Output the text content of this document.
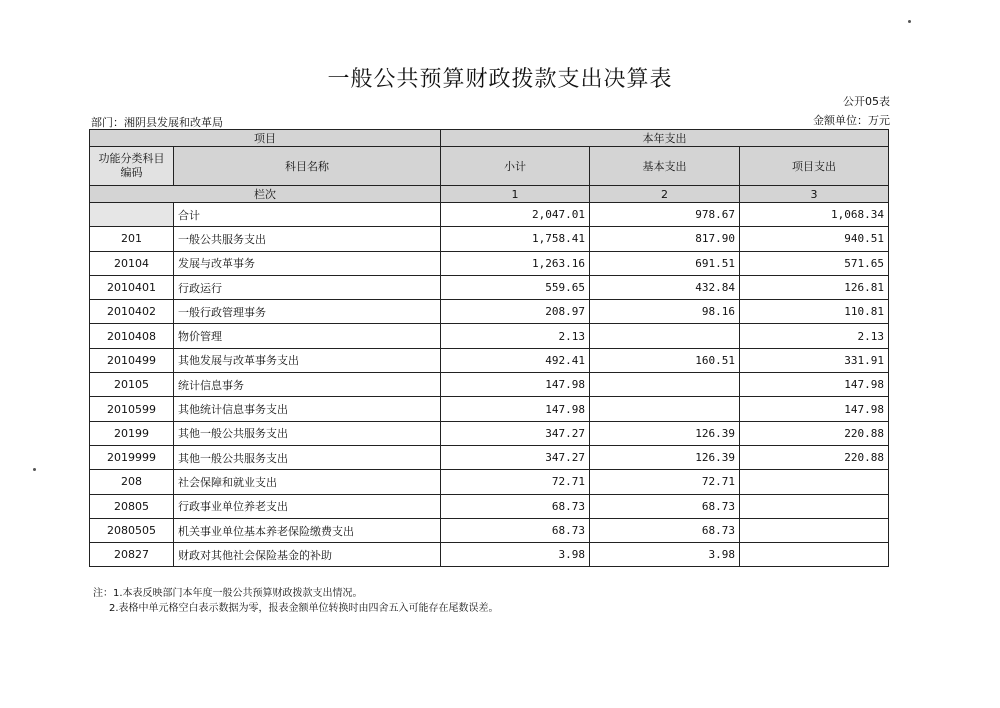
一般公共预算财政拨款支出决算表
公开05表
部门：湘阴县发展和改革局	金额单位：万元
项目		本年支出		
功能分类科目编码	科目名称	小计	基本支出	项目支出
栏次		1	2	3
	合计	2,047.01	978.67	1,068.34
201	一般公共服务支出	1,758.41	817.90	940.51
20104	发展与改革事务	1,263.16	691.51	571.65
2010401	行政运行	559.65	432.84	126.81
2010402	一般行政管理事务	208.97	98.16	110.81
2010408	物价管理	2.13		2.13
2010499	其他发展与改革事务支出	492.41	160.51	331.91
20105	统计信息事务	147.98		147.98
2010599	其他统计信息事务支出	147.98		147.98
20199	其他一般公共服务支出	347.27	126.39	220.88
2019999	其他一般公共服务支出	347.27	126.39	220.88
208	社会保障和就业支出	72.71	72.71	
20805	行政事业单位养老支出	68.73	68.73	
2080505	机关事业单位基本养老保险缴费支出	68.73	68.73	
20827	财政对其他社会保险基金的补助	3.98	3.98	
注：1.本表反映部门本年度一般公共预算财政拨款支出情况。
2.表格中单元格空白表示数据为零，报表金额单位转换时由四舍五入可能存在尾数误差。
